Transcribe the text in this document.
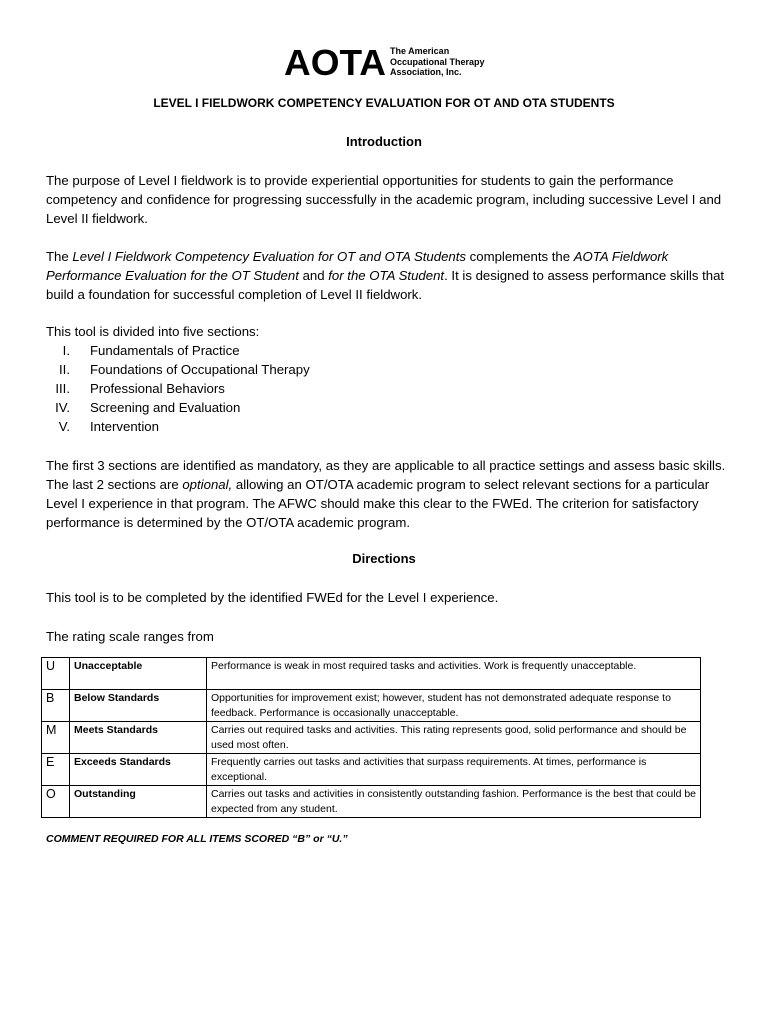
AOTA The American
Occupational Therapy
Association, Inc.
LEVEL I FIELDWORK COMPETENCY EVALUATION FOR OT AND OTA STUDENTS
Introduction
The purpose of Level I fieldwork is to provide experiential opportunities for students to gain the performance competency and confidence for progressing successfully in the academic program, including successive Level I and Level II fieldwork.
The Level I Fieldwork Competency Evaluation for OT and OTA Students complements the AOTA Fieldwork Performance Evaluation for the OT Student and for the OTA Student. It is designed to assess performance skills that build a foundation for successful completion of Level II fieldwork.
This tool is divided into five sections:
I. Fundamentals of Practice
II. Foundations of Occupational Therapy
III. Professional Behaviors
IV. Screening and Evaluation
V. Intervention
The first 3 sections are identified as mandatory, as they are applicable to all practice settings and assess basic skills. The last 2 sections are optional, allowing an OT/OTA academic program to select relevant sections for a particular Level I experience in that program. The AFWC should make this clear to the FWEd. The criterion for satisfactory performance is determined by the OT/OTA academic program.
Directions
This tool is to be completed by the identified FWEd for the Level I experience.
The rating scale ranges from
U	Unacceptable	Performance is weak in most required tasks and activities. Work is frequently unacceptable.
B	Below Standards	Opportunities for improvement exist; however, student has not demonstrated adequate response to feedback. Performance is occasionally unacceptable.
M	Meets Standards	Carries out required tasks and activities. This rating represents good, solid performance and should be used most often.
E	Exceeds Standards	Frequently carries out tasks and activities that surpass requirements. At times, performance is exceptional.
O	Outstanding	Carries out tasks and activities in consistently outstanding fashion. Performance is the best that could be expected from any student.
COMMENT REQUIRED FOR ALL ITEMS SCORED “B” or “U.”
